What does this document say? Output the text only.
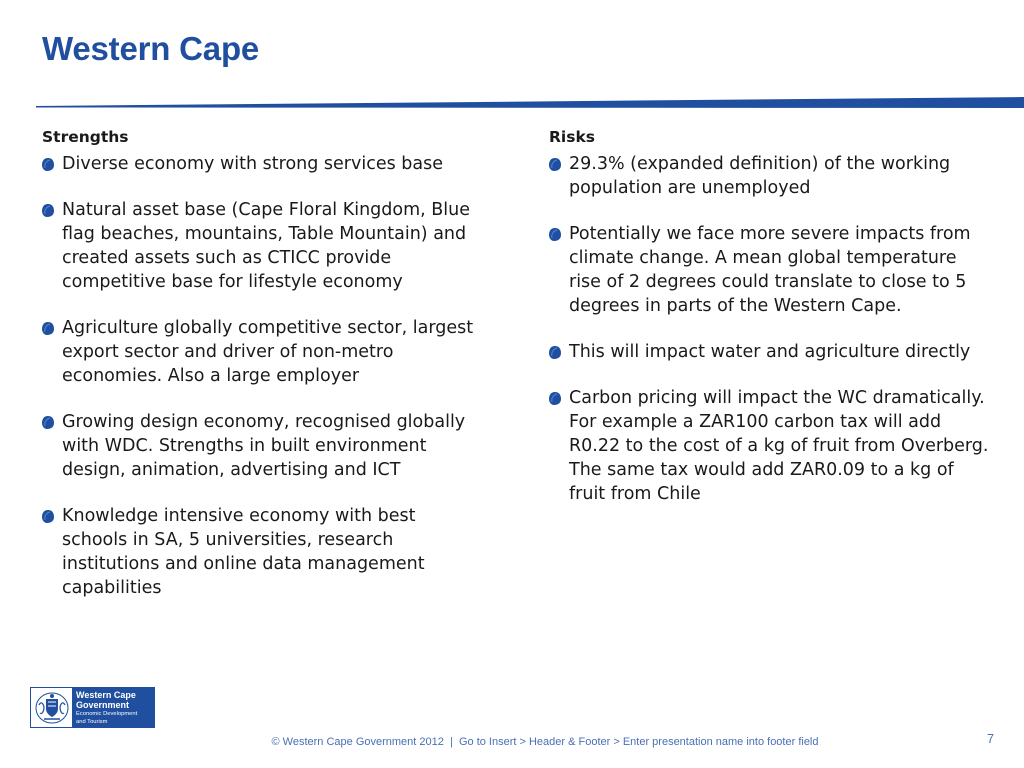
Western Cape
Strengths
Diverse economy with strong services base
Natural asset base (Cape Floral Kingdom, Blue flag beaches, mountains, Table Mountain) and created assets such as CTICC provide competitive base for lifestyle economy
Agriculture globally competitive sector, largest export sector and driver of non-metro economies. Also a large employer
Growing design economy, recognised globally with WDC. Strengths in built environment design, animation, advertising and ICT
Knowledge intensive economy with best schools in SA, 5 universities, research institutions and online data management capabilities
Risks
29.3% (expanded definition) of the working population are unemployed
Potentially we face more severe impacts from climate change. A mean global temperature rise of 2 degrees could translate to close to 5 degrees in parts of the Western Cape.
This will impact water and agriculture directly
Carbon pricing will impact the WC dramatically. For example a ZAR100 carbon tax will add R0.22 to the cost of a kg of fruit from Overberg. The same tax would add ZAR0.09 to a kg of fruit from Chile
Western Cape
Government
Economic Development
and Tourism
© Western Cape Government 2012  |  Go to Insert > Header & Footer > Enter presentation name into footer field	7
